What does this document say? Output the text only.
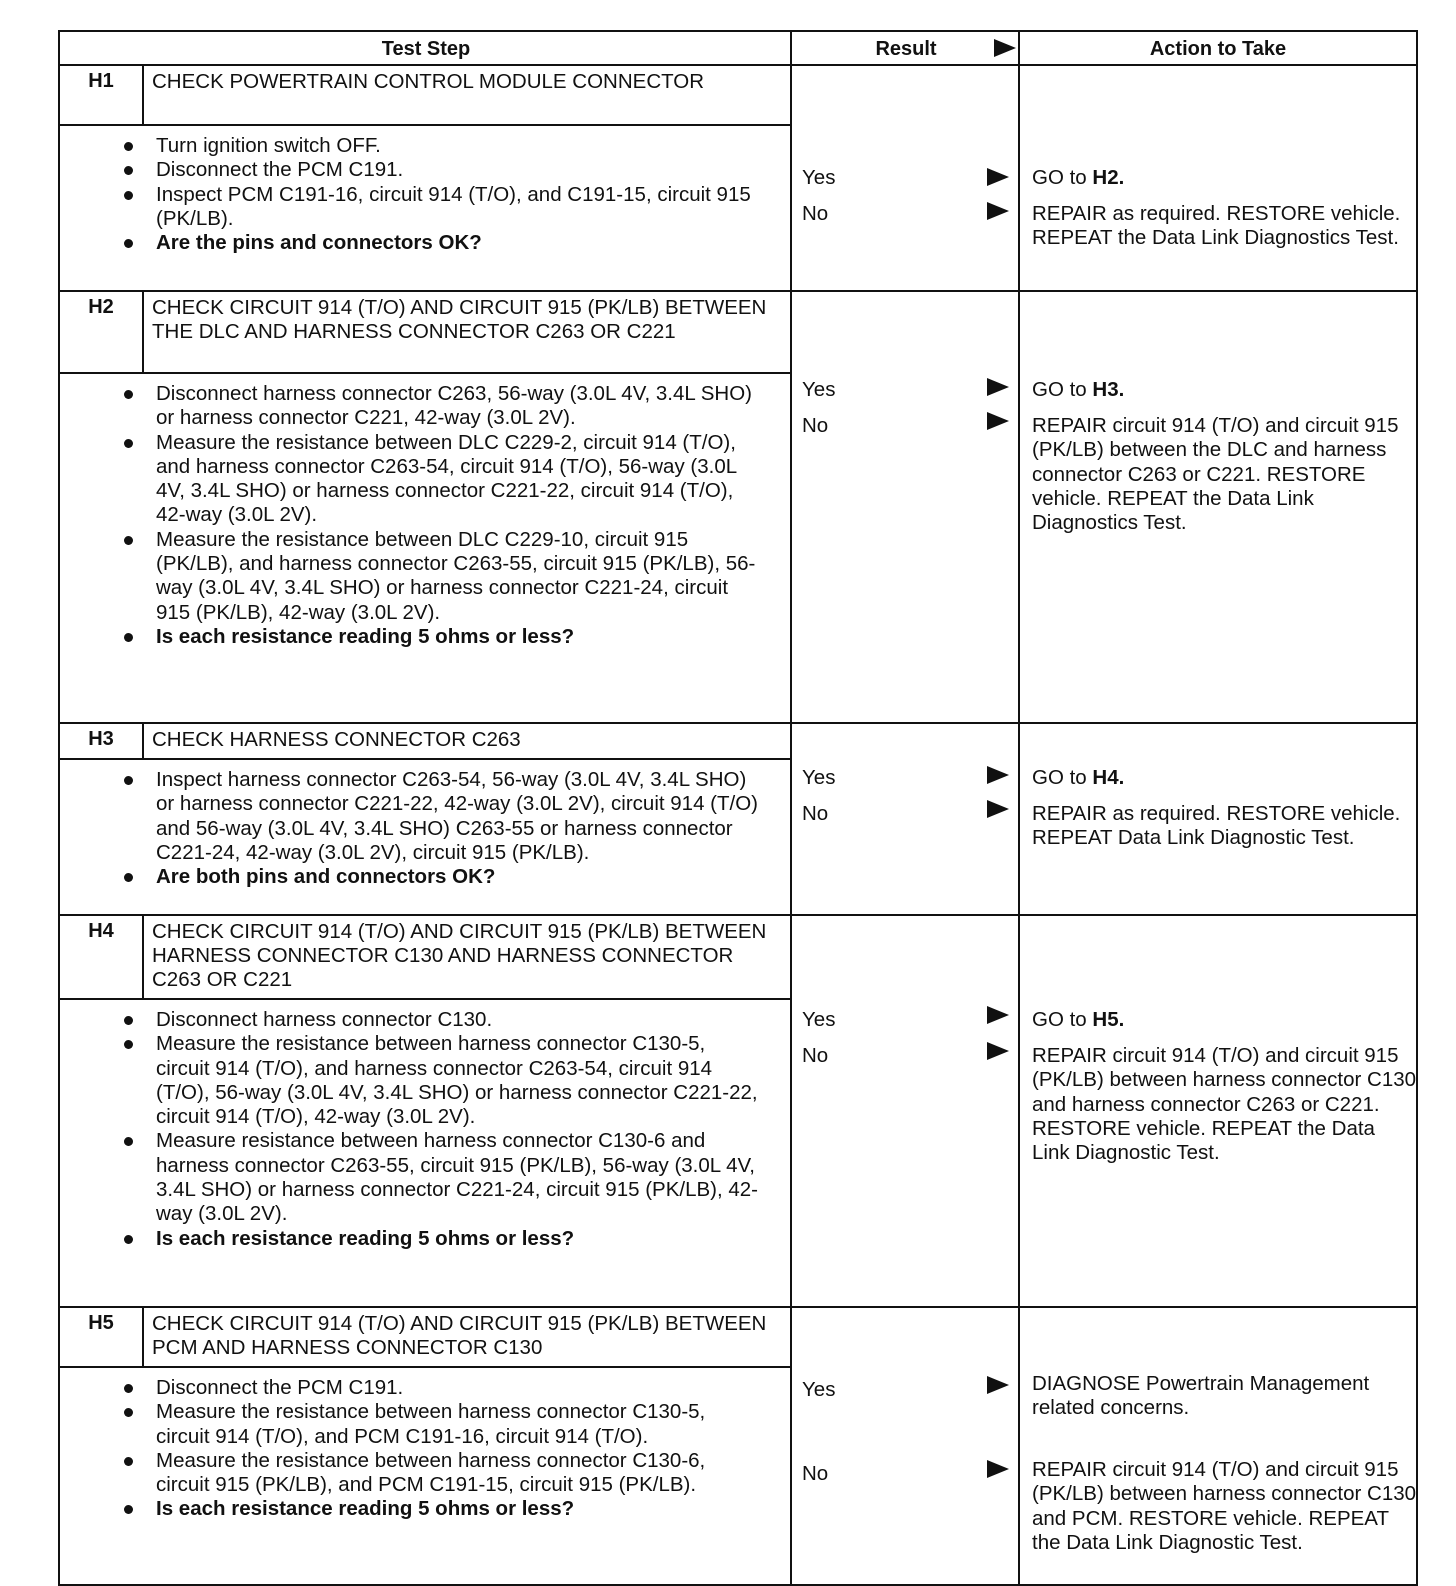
Test Step	Result	Action to Take
H1	CHECK POWERTRAIN CONTROL MODULE CONNECTOR
Turn ignition switch OFF.
Disconnect the PCM C191.
Inspect PCM C191-16, circuit 914 (T/O), and C191-15, circuit 915 (PK/LB).
Are the pins and connectors OK?
Yes	GO to H2.
No	REPAIR as required. RESTORE vehicle. REPEAT the Data Link Diagnostics Test.
H2	CHECK CIRCUIT 914 (T/O) AND CIRCUIT 915 (PK/LB) BETWEEN THE DLC AND HARNESS CONNECTOR C263 OR C221
Disconnect harness connector C263, 56-way (3.0L 4V, 3.4L SHO) or harness connector C221, 42-way (3.0L 2V).
Measure the resistance between DLC C229-2, circuit 914 (T/O), and harness connector C263-54, circuit 914 (T/O), 56-way (3.0L 4V, 3.4L SHO) or harness connector C221-22, circuit 914 (T/O), 42-way (3.0L 2V).
Measure the resistance between DLC C229-10, circuit 915 (PK/LB), and harness connector C263-55, circuit 915 (PK/LB), 56-way (3.0L 4V, 3.4L SHO) or harness connector C221-24, circuit 915 (PK/LB), 42-way (3.0L 2V).
Is each resistance reading 5 ohms or less?
Yes	GO to H3.
No	REPAIR circuit 914 (T/O) and circuit 915 (PK/LB) between the DLC and harness connector C263 or C221. RESTORE vehicle. REPEAT the Data Link Diagnostics Test.
H3	CHECK HARNESS CONNECTOR C263
Inspect harness connector C263-54, 56-way (3.0L 4V, 3.4L SHO) or harness connector C221-22, 42-way (3.0L 2V), circuit 914 (T/O) and 56-way (3.0L 4V, 3.4L SHO) C263-55 or harness connector C221-24, 42-way (3.0L 2V), circuit 915 (PK/LB).
Are both pins and connectors OK?
Yes	GO to H4.
No	REPAIR as required. RESTORE vehicle. REPEAT Data Link Diagnostic Test.
H4	CHECK CIRCUIT 914 (T/O) AND CIRCUIT 915 (PK/LB) BETWEEN HARNESS CONNECTOR C130 AND HARNESS CONNECTOR C263 OR C221
Disconnect harness connector C130.
Measure the resistance between harness connector C130-5, circuit 914 (T/O), and harness connector C263-54, circuit 914 (T/O), 56-way (3.0L 4V, 3.4L SHO) or harness connector C221-22, circuit 914 (T/O), 42-way (3.0L 2V).
Measure resistance between harness connector C130-6 and harness connector C263-55, circuit 915 (PK/LB), 56-way (3.0L 4V, 3.4L SHO) or harness connector C221-24, circuit 915 (PK/LB), 42-way (3.0L 2V).
Is each resistance reading 5 ohms or less?
Yes	GO to H5.
No	REPAIR circuit 914 (T/O) and circuit 915 (PK/LB) between harness connector C130 and harness connector C263 or C221. RESTORE vehicle. REPEAT the Data Link Diagnostic Test.
H5	CHECK CIRCUIT 914 (T/O) AND CIRCUIT 915 (PK/LB) BETWEEN PCM AND HARNESS CONNECTOR C130
Disconnect the PCM C191.
Measure the resistance between harness connector C130-5, circuit 914 (T/O), and PCM C191-16, circuit 914 (T/O).
Measure the resistance between harness connector C130-6, circuit 915 (PK/LB), and PCM C191-15, circuit 915 (PK/LB).
Is each resistance reading 5 ohms or less?
Yes	DIAGNOSE Powertrain Management related concerns.
No	REPAIR circuit 914 (T/O) and circuit 915 (PK/LB) between harness connector C130 and PCM. RESTORE vehicle. REPEAT the Data Link Diagnostic Test.
